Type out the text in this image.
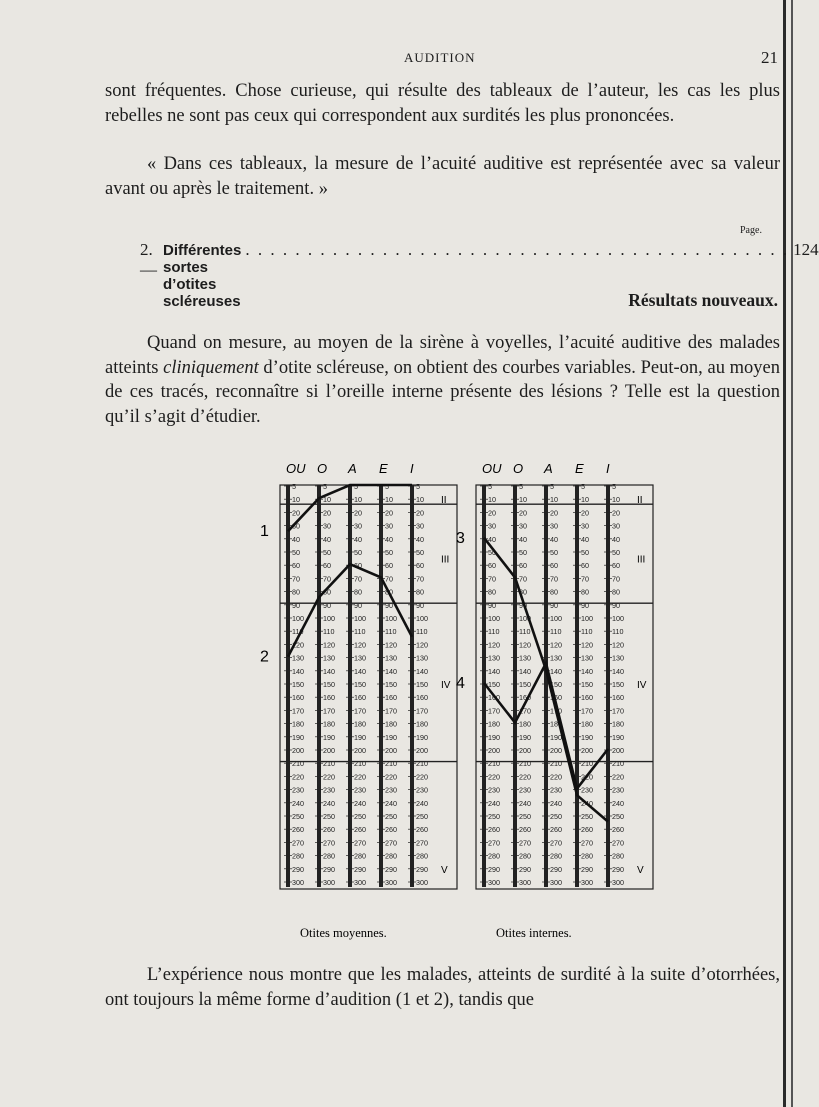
AUDITION	21
sont fréquentes. Chose curieuse, qui résulte des tableaux de l’auteur, les cas les plus rebelles ne sont pas ceux qui correspondent aux surdités les plus prononcées.
« Dans ces tableaux, la mesure de l’acuité auditive est représentée avec sa valeur avant ou après le traitement. »
Page.
2. —
Différentes sortes d’otites scléreuses
. . . . . . . . . . . . . . . . . . . . . . . . . . . . . . . . . . . . . . . . . . . . 124
Résultats nouveaux.
Quand on mesure, au moyen de la sirène à voyelles, l’acuité auditive des malades atteints cliniquement d’otite scléreuse, on obtient des courbes variables. Peut-on, au moyen de ces tracés, reconnaître si l’oreille interne présente des lésions ? Telle est la question qu’il s’agit d’étudier.
OU O A E I
5
10
20
30
40
50
60
70
80
90
100
110
120
130
140
150
160
170
180
190
200
210
220
230
240
250
260
270
280
290
300
5
10
20
30
40
50
60
70
80
90
100
110
120
130
140
150
160
170
180
190
200
210
220
230
240
250
260
270
280
290
300
5
10
20
30
40
50
60
70
80
90
100
110
120
130
140
150
160
170
180
190
200
210
220
230
240
250
260
270
280
290
300
5
10
20
30
40
50
60
70
80
90
100
110
120
130
140
150
160
170
180
190
200
210
220
230
240
250
260
270
280
290
300
5
10
20
30
40
50
60
70
80
90
100
110
120
130
140
150
160
170
180
190
200
210
220
230
240
250
260
270
280
290
300
II
III
IV
V
1
2
Otites moyennes.
OU O A E I
5
10
20
30
40
50
60
70
80
90
100
110
120
130
140
150
160
170
180
190
200
210
220
230
240
250
260
270
280
290
300
5
10
20
30
40
50
60
70
80
90
100
110
120
130
140
150
160
170
180
190
200
210
220
230
240
250
260
270
280
290
300
5
10
20
30
40
50
60
70
80
90
100
110
120
130
140
150
160
170
180
190
200
210
220
230
240
250
260
270
280
290
300
5
10
20
30
40
50
60
70
80
90
100
110
120
130
140
150
160
170
180
190
200
210
220
230
240
250
260
270
280
290
300
5
10
20
30
40
50
60
70
80
90
100
110
120
130
140
150
160
170
180
190
200
210
220
230
240
250
260
270
280
290
300
II
III
IV
V
3
4
Otites internes.
L’expérience nous montre que les malades, atteints de surdité à la suite d’otorrhées, ont toujours la même forme d’audition (1 et 2), tandis que
